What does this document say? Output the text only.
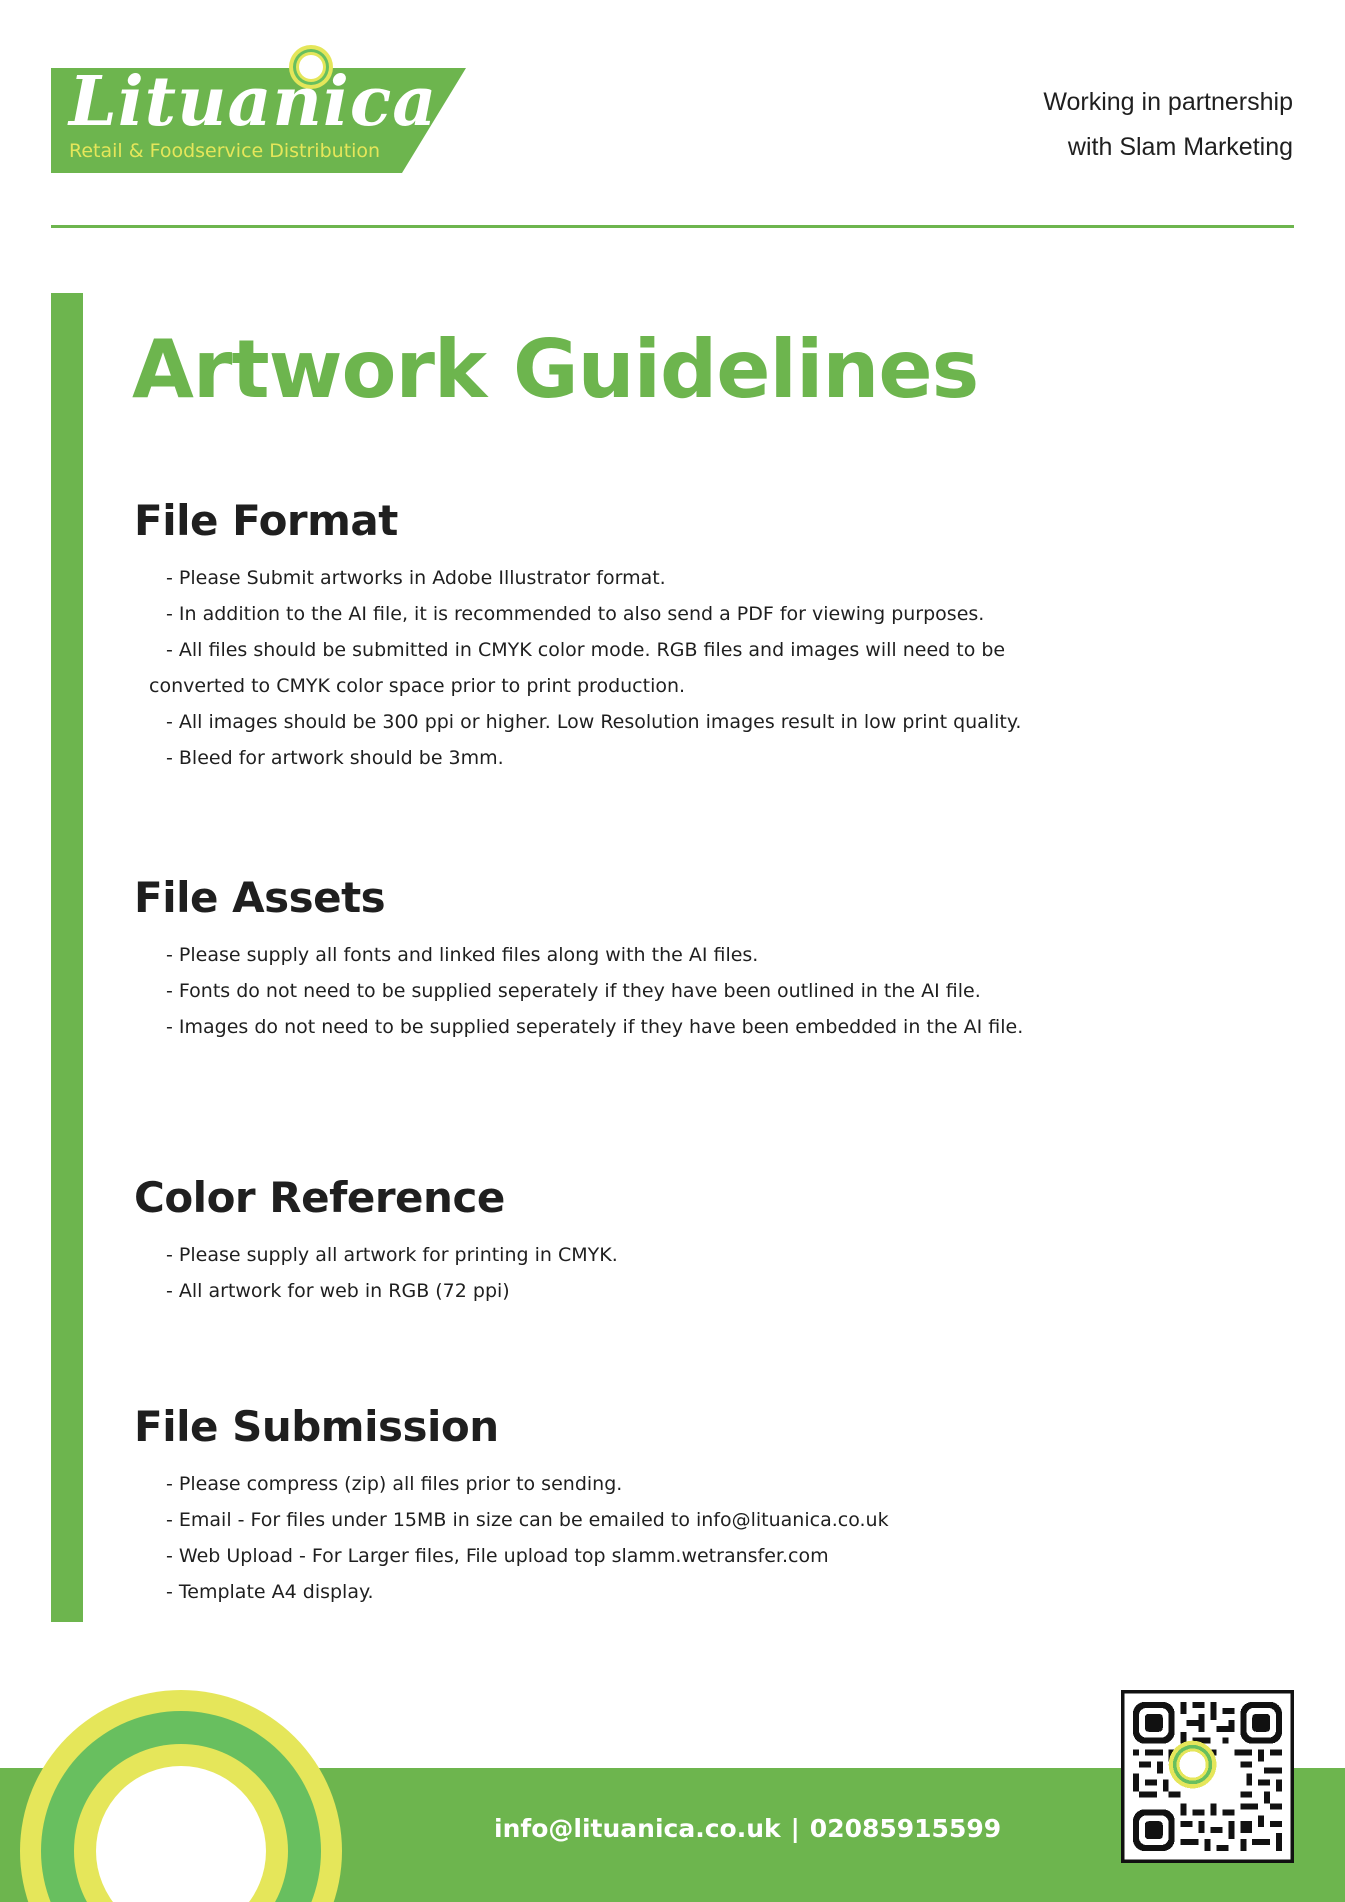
Lituanica
Retail & Foodservice Distribution
Working in partnership
with Slam Marketing
Artwork Guidelines
File Format
- Please Submit artworks in Adobe Illustrator format.
- In addition to the AI file, it is recommended to also send a PDF for viewing purposes.
- All files should be submitted in CMYK color mode. RGB files and images will need to be
converted to CMYK color space prior to print production.
- All images should be 300 ppi or higher. Low Resolution images result in low print quality.
- Bleed for artwork should be 3mm.
File Assets
- Please supply all fonts and linked files along with the AI files.
- Fonts do not need to be supplied seperately if they have been outlined in the AI file.
- Images do not need to be supplied seperately if they have been embedded in the AI file.
Color Reference
- Please supply all artwork for printing in CMYK.
- All artwork for web in RGB (72 ppi)
File Submission
- Please compress (zip) all files prior to sending.
- Email - For files under 15MB in size can be emailed to info@lituanica.co.uk
- Web Upload - For Larger files, File upload top slamm.wetransfer.com
- Template A4 display.
info@lituanica.co.uk | 02085915599
